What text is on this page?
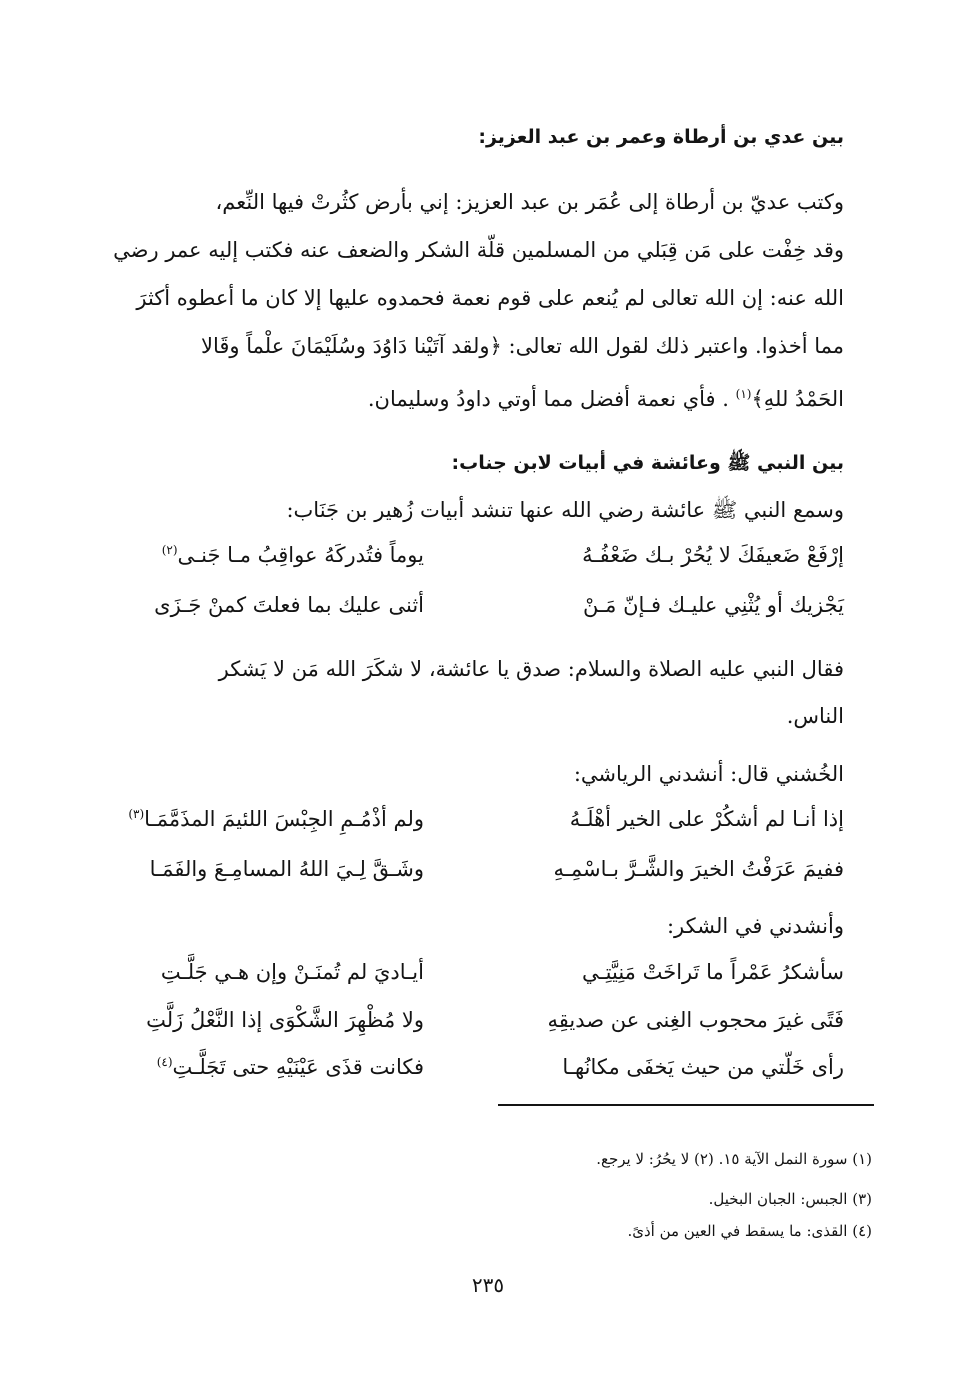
بين عدي بن أرطاة وعمر بن عبد العزيز:
وكتب عديّ بن أرطاة إلى عُمَر بن عبد العزيز: إني بأرض كثُرتْ فيها النِّعم،
وقد خِفْت على مَن قِبَلي من المسلمين قلّة الشكر والضعف عنه فكتب إليه عمر رضي
الله عنه: إن الله تعالى لم يُنعم على قوم نعمة فحمدوه عليها إلا كان ما أعطوه أكثرَ
مما أخذوا. واعتبر ذلك لقول الله تعالى: ﴿ولقد آتَيْنا دَاوُدَ وسُلَيْمَانَ علْماً وقَالا
الحَمْدُ للهِ﴾$^{(١)}$ . فأي نعمة أفضل مما أوتي داودُ وسليمان.
بين النبي ﷺ وعائشة في أبيات لابن جناب:
وسمع النبي ﷺ عائشة رضي الله عنها تنشد أبيات زُهير بن جَنَاب:
إرْفَعْ ضَعيفَكَ لا يُحُرْ بـك ضَعْفُـهُ
يوماً فتُدركَهُ عواقِبُ مـا جَنـى$^{(٢)}$
يَجْزيك أو يُثْنِي عليـك فـإنّ مَـنْ
أثنى عليك بما فعلتَ كمنْ جَـزَى
فقال النبي عليه الصلاة والسلام: صدق يا عائشة، لا شكَرَ الله مَن لا يَشكر
الناس.
الخُشني قال: أنشدني الرياشي:
إذا أنـا لم أشكُرْ على الخير أهْلَـهُ
ولم أذْمُـمِ الجِبْسَ اللئيمَ المذَمَّمَـا$^{(٣)}$
ففيمَ عَرَفْتُ الخيرَ والشَّـرَّ بـاسْمِـهِ
وشَـقَّ لِـيَ اللهُ المسامِـعَ والفَمَـا
وأنشدني في الشكر:
سأشكرُ عَمْراً ما تَراخَتْ مَنِيَّتِـي
أيـاديَ لم تُمنَـنْ وإن هـي جَلَّـتِ
فَتًى غيرَ محجوب الغِنى عن صديقِهِ
ولا مُظْهِرَ الشَّكْوَى إذا النَّعْلُ زَلَّتِ
رأى خَلّتي من حيث يَخفَى مكانُهـا
فكانت قذَى عَيْنَيْهِ حتى تَجَلَّـتِ$^{(٤)}$
(١) سورة النمل الآية ١٥. (٢) لا يحُرُ: لا يرجع.
(٣) الجبس: الجبان البخيل.
(٤) القذى: ما يسقط في العين من أذىً.
٢٣٥
